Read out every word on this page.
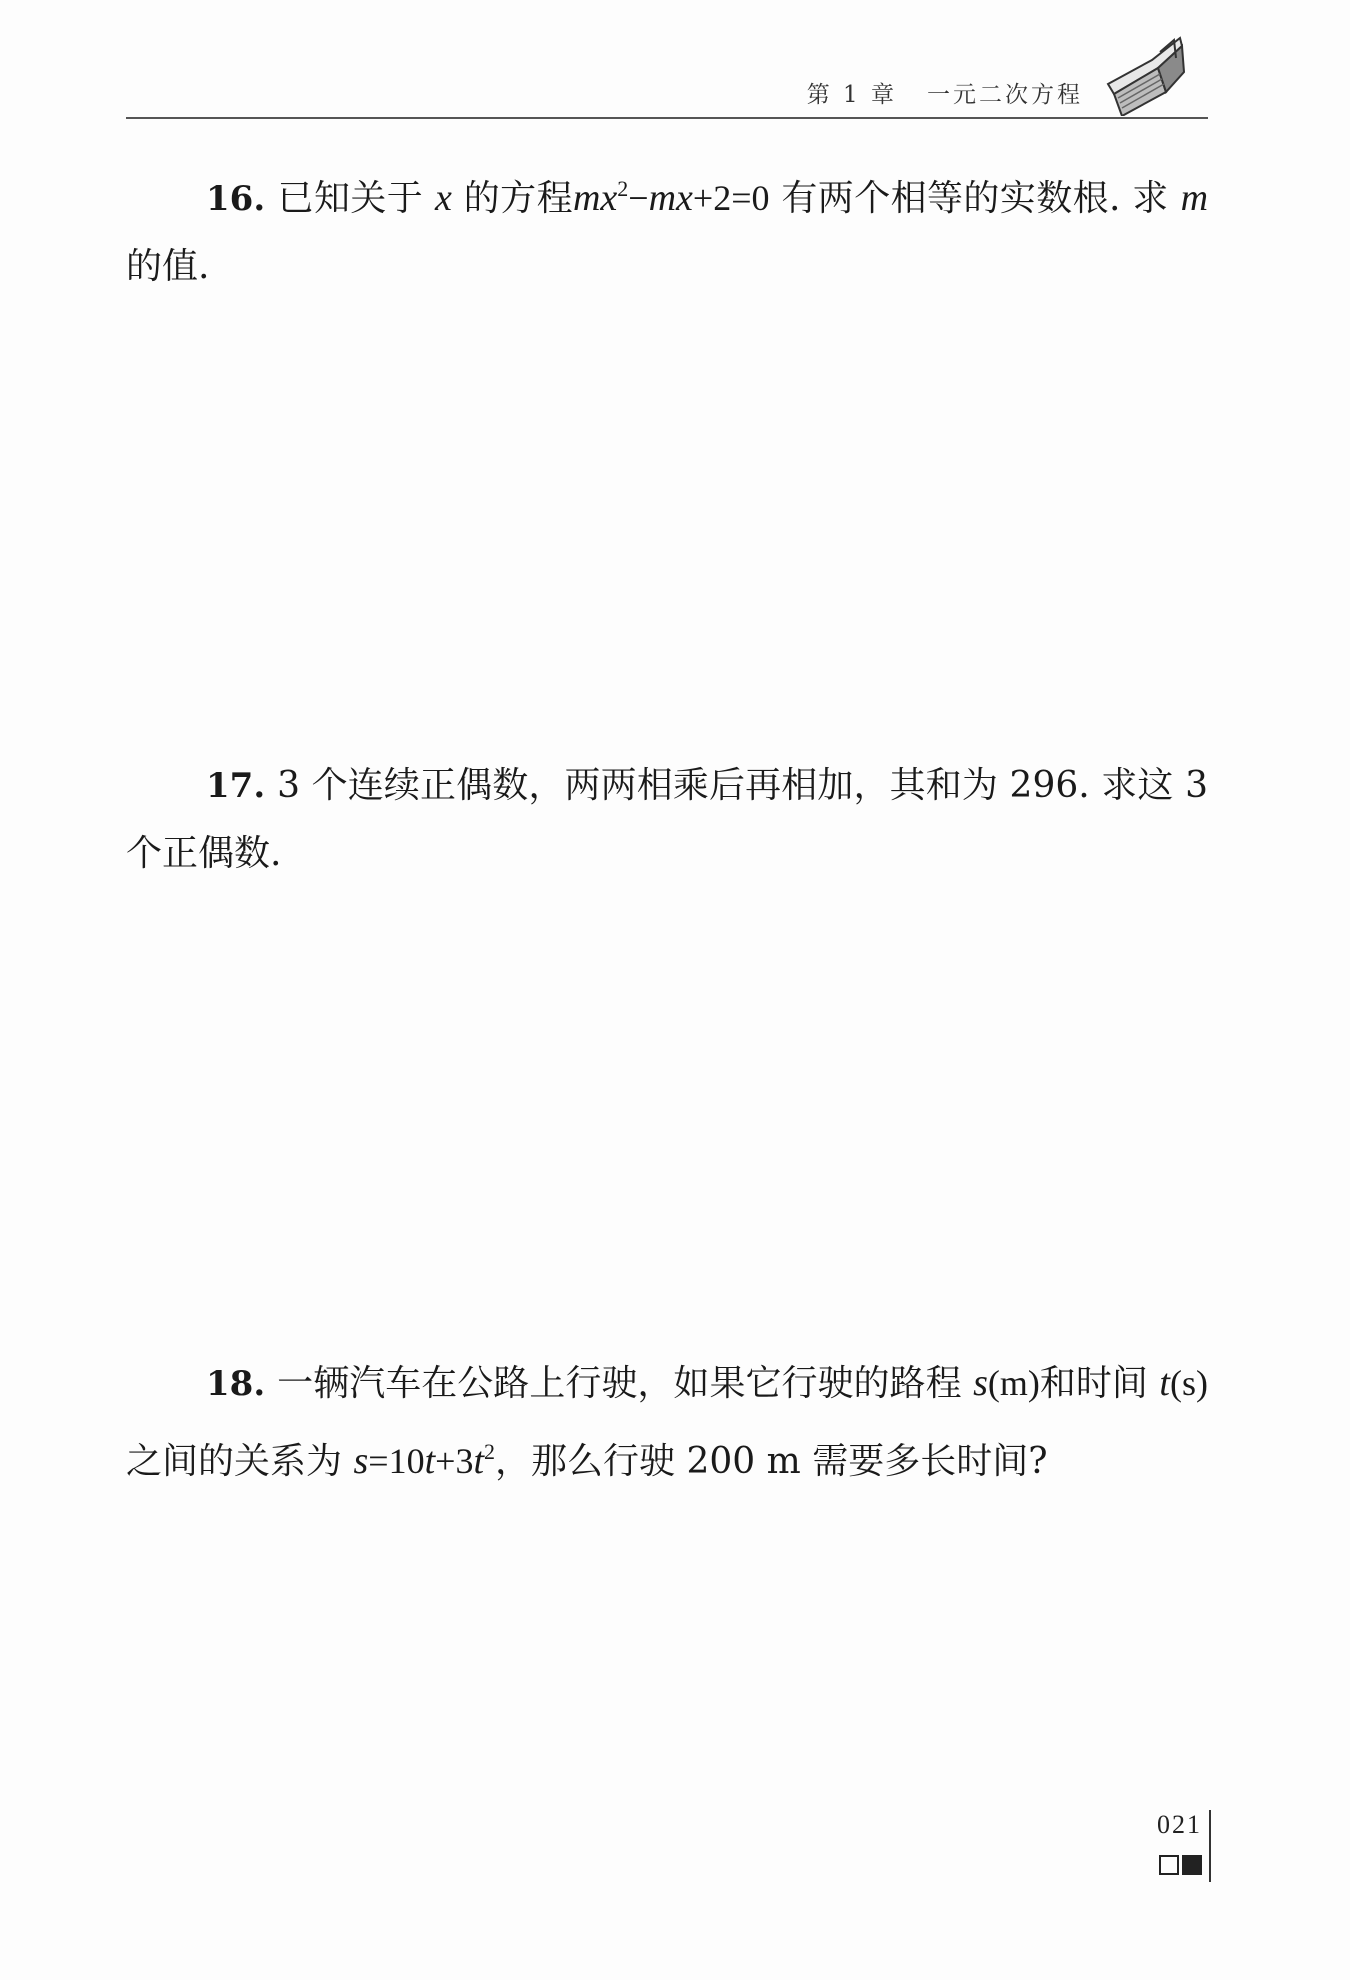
第 1 章 一元二次方程
16. 已知关于 x 的方程$mx^2-mx+2=0$ 有两个相等的实数根. 求 m 的值.
17. 3 个连续正偶数，两两相乘后再相加，其和为 296. 求这 3 个正偶数.
18. 一辆汽车在公路上行驶，如果它行驶的路程 s(m)和时间 t(s)之间的关系为 $s=10t+3t^2$，那么行驶 200 m 需要多长时间?
021
